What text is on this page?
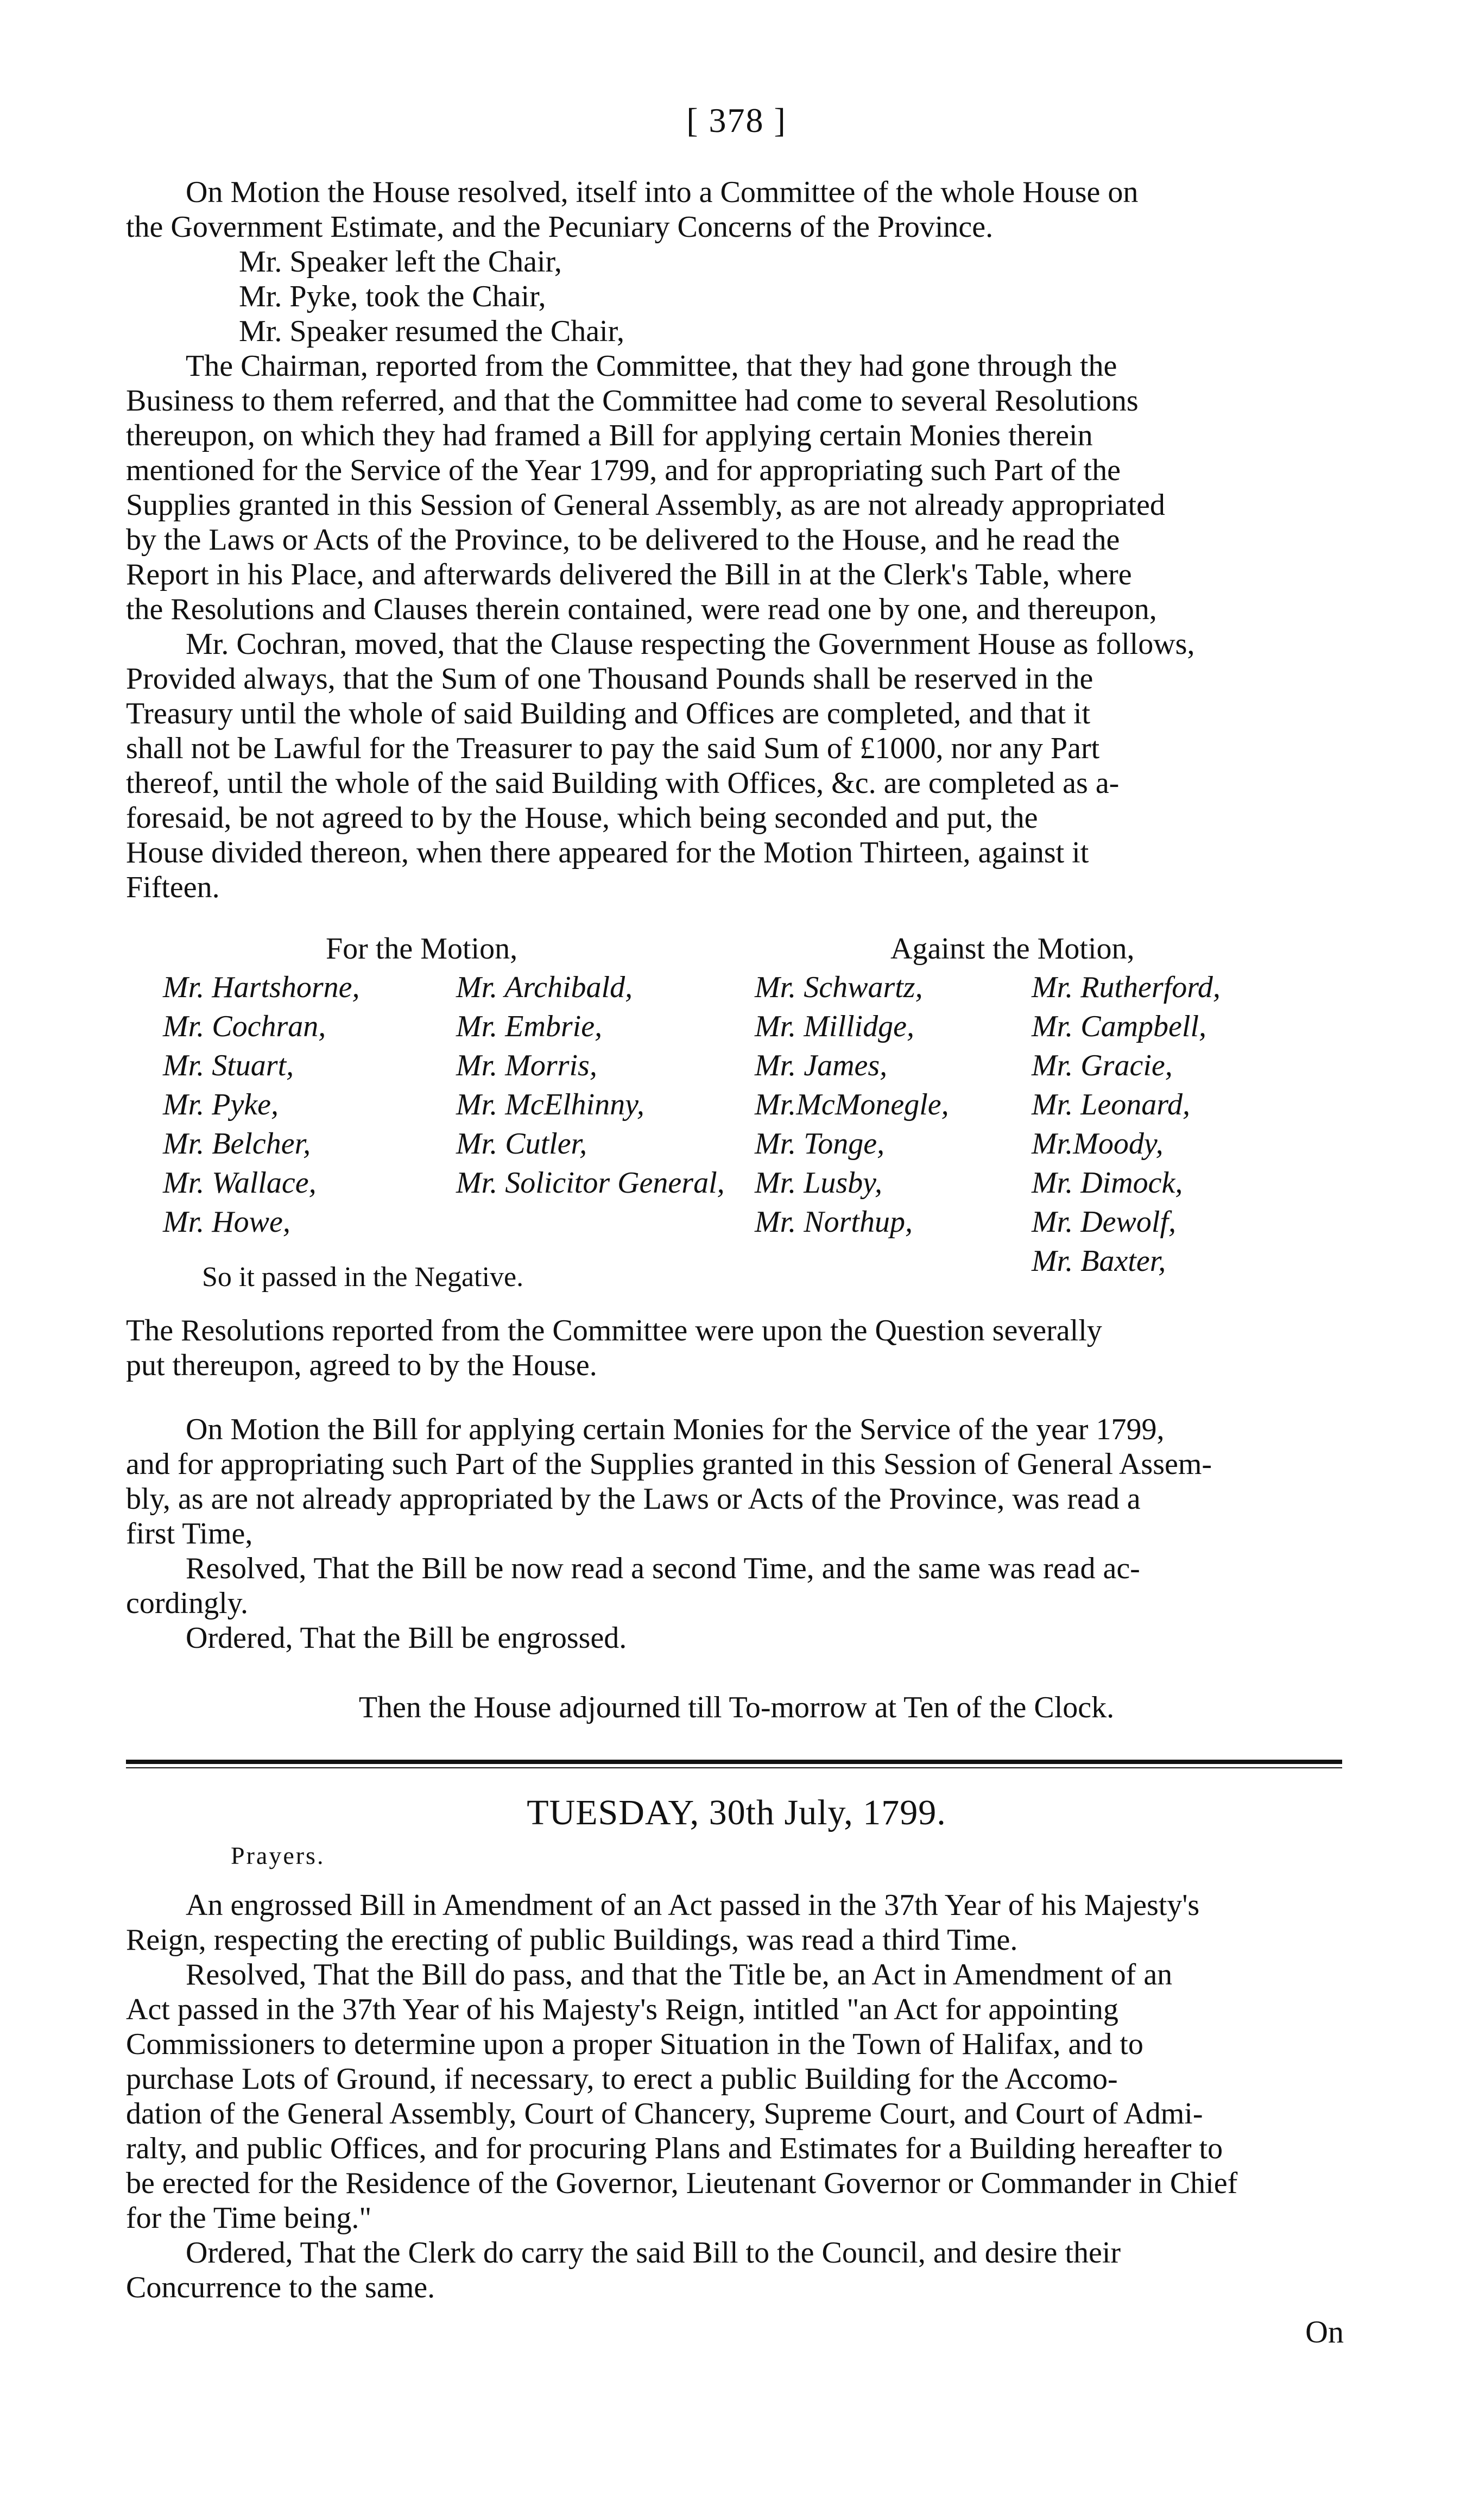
[ 378 ]

On Motion the House resolved, itself into a Committee of the whole House on
the Government Estimate, and the Pecuniary Concerns of the Province.

Mr. Speaker left the Chair,
Mr. Pyke, took the Chair,
Mr. Speaker resumed the Chair,

The Chairman, reported from the Committee, that they had gone through the
Business to them referred, and that the Committee had come to several Resolutions
thereupon, on which they had framed a Bill for applying certain Monies therein
mentioned for the Service of the Year 1799, and for appropriating such Part of the
Supplies granted in this Session of General Assembly, as are not already appropriated
by the Laws or Acts of the Province, to be delivered to the House, and he read the
Report in his Place, and afterwards delivered the Bill in at the Clerk's Table, where
the Resolutions and Clauses therein contained, were read one by one, and thereupon,

Mr. Cochran, moved, that the Clause respecting the Government House as follows,
Provided always, that the Sum of one Thousand Pounds shall be reserved in the
Treasury until the whole of said Building and Offices are completed, and that it
shall not be Lawful for the Treasurer to pay the said Sum of £1000, nor any Part
thereof, until the whole of the said Building with Offices, &c. are completed as a-
foresaid, be not agreed to by the House, which being seconded and put, the
House divided thereon, when there appeared for the Motion Thirteen, against it
Fifteen.

For the Motion,	Against the Motion,
Mr. Hartshorne,
Mr. Cochran,
Mr. Stuart,
Mr. Pyke,
Mr. Belcher,
Mr. Wallace,
Mr. Howe,
Mr. Archibald,
Mr. Embrie,
Mr. Morris,
Mr. McElhinny,
Mr. Cutler,
Mr. Solicitor General,
Mr. Schwartz,
Mr. Millidge,
Mr. James,
Mr.McMonegle,
Mr. Tonge,
Mr. Lusby,
Mr. Northup,
Mr. Rutherford,
Mr. Campbell,
Mr. Gracie,
Mr. Leonard,
Mr.Moody,
Mr. Dimock,
Mr. Dewolf,
Mr. Baxter,
So it passed in the Negative.

The Resolutions reported from the Committee were upon the Question severally
put thereupon, agreed to by the House.

On Motion the Bill for applying certain Monies for the Service of the year 1799,
and for appropriating such Part of the Supplies granted in this Session of General Assem-
bly, as are not already appropriated by the Laws or Acts of the Province, was read a
first Time,

Resolved, That the Bill be now read a second Time, and the same was read ac-
cordingly.

Ordered, That the Bill be engrossed.

Then the House adjourned till To-morrow at Ten of the Clock.

TUESDAY, 30th July, 1799.
Prayers.

An engrossed Bill in Amendment of an Act passed in the 37th Year of his Majesty's
Reign, respecting the erecting of public Buildings, was read a third Time.

Resolved, That the Bill do pass, and that the Title be, an Act in Amendment of an
Act passed in the 37th Year of his Majesty's Reign, intitled "an Act for appointing
Commissioners to determine upon a proper Situation in the Town of Halifax, and to
purchase Lots of Ground, if necessary, to erect a public Building for the Accomo-
dation of the General Assembly, Court of Chancery, Supreme Court, and Court of Admi-
ralty, and public Offices, and for procuring Plans and Estimates for a Building hereafter to
be erected for the Residence of the Governor, Lieutenant Governor or Commander in Chief
for the Time being."

Ordered, That the Clerk do carry the said Bill to the Council, and desire their
Concurrence to the same.

On
